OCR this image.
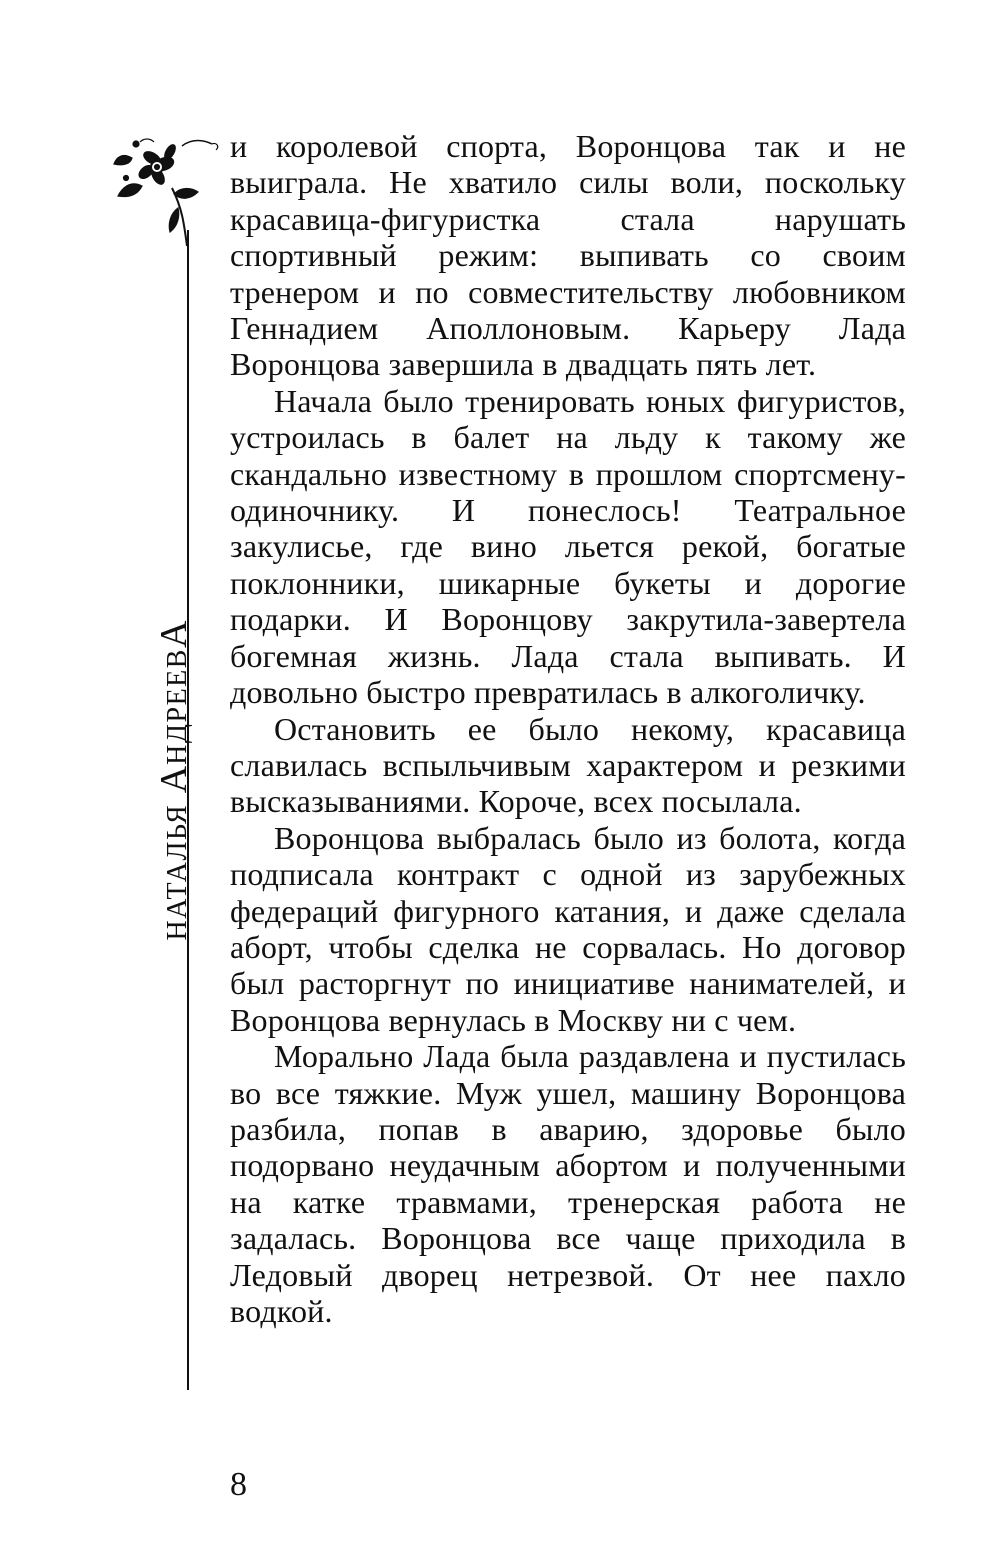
НАТАЛЬЯ АНДРЕЕВА

и королевой спорта, Воронцова так и не выиграла. Не хватило силы воли, поскольку красавица-фигуристка стала нарушать спортивный режим: выпивать со своим тренером и по совместительству любовником Геннадием Аполлоновым. Карьеру Лада Воронцова завершила в двадцать пять лет.

Начала было тренировать юных фигуристов, устроилась в балет на льду к такому же скандально известному в прошлом спортсмену-одиночнику. И понеслось! Театральное закулисье, где вино льется рекой, богатые поклонники, шикарные букеты и дорогие подарки. И Воронцову закрутила-завертела богемная жизнь. Лада стала выпивать. И довольно быстро превратилась в алкоголичку.

Остановить ее было некому, красавица славилась вспыльчивым характером и резкими высказываниями. Короче, всех посылала.

Воронцова выбралась было из болота, когда подписала контракт с одной из зарубежных федераций фигурного катания, и даже сделала аборт, чтобы сделка не сорвалась. Но договор был расторгнут по инициативе нанимателей, и Воронцова вернулась в Москву ни с чем.

Морально Лада была раздавлена и пустилась во все тяжкие. Муж ушел, машину Воронцова разбила, попав в аварию, здоровье было подорвано неудачным абортом и полученными на катке травмами, тренерская работа не задалась. Воронцова все чаще приходила в Ледовый дворец нетрезвой. От нее пахло водкой.

8
